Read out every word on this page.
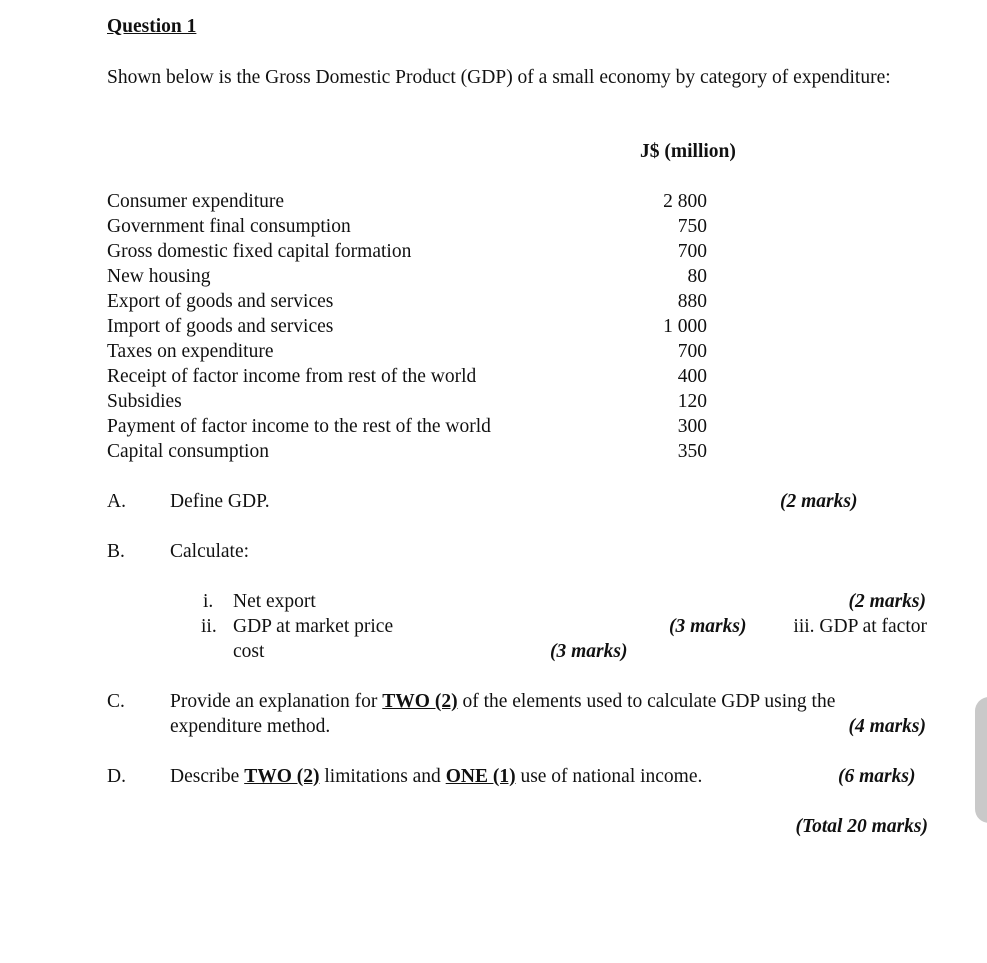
Question 1
Shown below is the Gross Domestic Product (GDP) of a small economy by category of expenditure:
J$ (million)
Consumer expenditure	2 800
Government final consumption	750
Gross domestic fixed capital formation	700
New housing	80
Export of goods and services	880
Import of goods and services	1 000
Taxes on expenditure	700
Receipt of factor income from rest of the world	400
Subsidies	120
Payment of factor income to the rest of the world	300
Capital consumption	350
A. Define GDP.	(2 marks)
B. Calculate:
i. Net export	(2 marks)
ii. GDP at market price	(3 marks) iii. GDP at factor
cost	(3 marks)
C. Provide an explanation for TWO (2) of the elements used to calculate GDP using the
expenditure method.	(4 marks)
D. Describe TWO (2) limitations and ONE (1) use of national income.	(6 marks)
(Total 20 marks)
